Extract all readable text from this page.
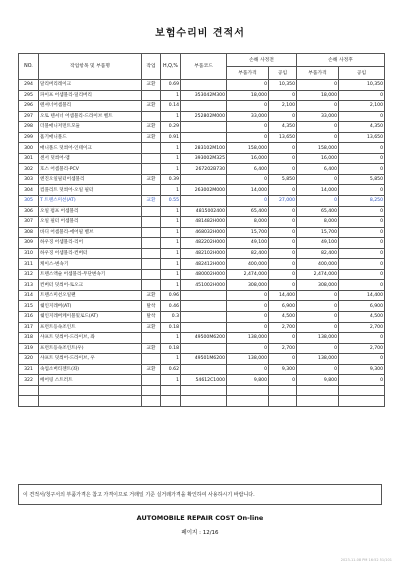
보험수리비 견적서
NO.	작업항목 및 부품명	작업	H,Q,%	부품코드	손해 사정전		손해 사정후	
					부품가격	공임	부품가격	공임
294	달리버리레이크	교환	0.69		0	10,350	0	10,350
295	파이프 어셈블리-딜리버리		1	353042M300	18,000	0	18,000	0
296	텐셔너어셈블리	교환	0.14		0	2,100	0	2,100
297	오토 텐셔너 어셈블리-드라이브 벨트		1	252802M000	33,000	0	33,000	0
298	더블매니저먼트모듈	교환	0.29		0	4,350	0	4,350
299	흡기매니폴드	교환	0.91		0	13,650	0	13,650
300	매니폴드 덧씌어-인테이크		1	283102M100	158,000	0	158,000	0
301	센서 덧씌어-맵		1	393002M325	16,000	0	16,000	0
302	호스 어셈블리-PCV		1	267202B730	6,400	0	6,400	0
303	엔진오일필터어셈블리	교환	0.39		0	5,850	0	5,850
304	컴플리트 덧씌어-오일 필터		1	263002M000	14,000	0	14,000	0
305	T 트랜스미션(AT)	교환	0.55		0	27,000	0	8,250
306	오일 펌프 어셈블리		1	4815002400	65,400	0	65,400	0
307	오일 필터 어셈블리		1	481482H000	8,000	0	8,000	0
308	바디 어셈블리-에어필 벨브		1	468032H000	15,700	0	15,700	0
309	하우징 어셈블리-리어		1	482202H000	49,100	0	49,100	0
310	하우징 어셈블리-컨버터		1	482102H000	82,400	0	82,400	0
311	케이스-변속기		1	482412H000	400,000	0	400,000	0
312	트랜스액슬 어셈블리-무단변속기		1	480002H000	2,474,000	0	2,474,000	0
313	컨버터 덧씌어-토오크		1	451002H000	308,000	0	308,000	0
314	트랜스미션오일팬	교환	0.96		0	14,400	0	14,400
315	쉐인지레버(AT)	탈착	0.46		0	6,900	0	6,900
316	쉐인지레버케이블및로드(AT)	탈착	0.3		0	4,500	0	4,500
317	프런트등속조인트	교환	0.18		0	2,700	0	2,700
318	샤프트 덧씌어-드라이브, 좌		1	49500M6200	138,000	0	138,000	0
319	프런트등속조인트(우)	교환	0.18		0	2,700	0	2,700
320	샤프트 덧씌어-드라이브, 우		1	49501M6200	138,000	0	138,000	0
321	속업소버티젠트(좌)	교환	0.62		0	9,300	0	9,300
322	베어링 스트러트		1	54612C1000	9,800	0	9,800	0

이 견적서/청구서의 부품가격은 참고 가격이므로 거래일 기준 실거래가격을 확인하여 사용하시기 바랍니다.
AUTOMOBILE REPAIR COST On-line
페이지 : 12/16
2023-11-08 PM 16:52 51/101
